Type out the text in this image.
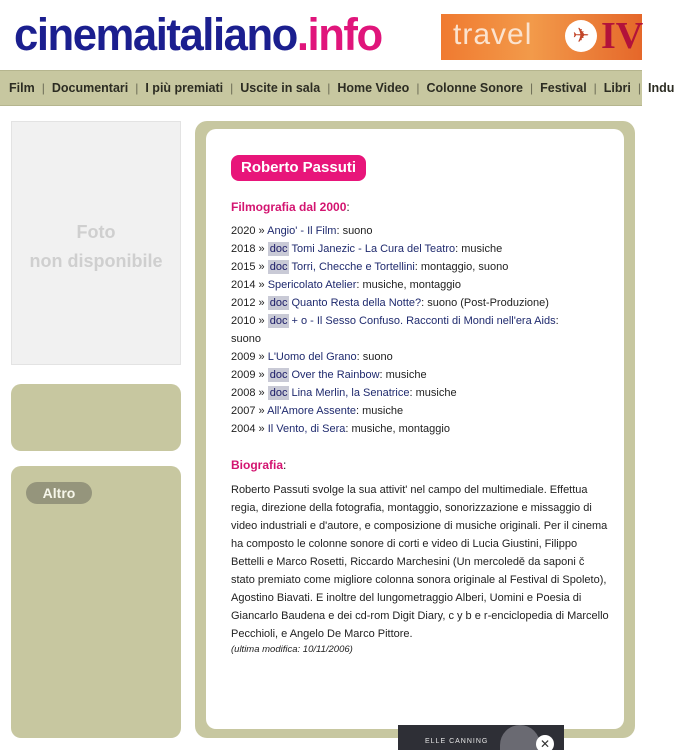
cinemaitaliano.info travel	✈ IV
Film | Documentari | I più premiati | Uscite in sala | Home Video | Colonne Sonore | Festival | Libri | Indu
Foto
non disponibile
Altro
Roberto Passuti
Filmografia dal 2000:
2020 » Angio' - Il Film: suono
2018 » doc Tomi Janezic - La Cura del Teatro: musiche
2015 » doc Torri, Checche e Tortellini: montaggio, suono
2014 » Spericolato Atelier: musiche, montaggio
2012 » doc Quanto Resta della Notte?: suono (Post-Produzione)
2010 » doc + o - Il Sesso Confuso. Racconti di Mondi nell'era Aids:
suono
2009 » L'Uomo del Grano: suono
2009 » doc Over the Rainbow: musiche
2008 » doc Lina Merlin, la Senatrice: musiche
2007 » All'Amore Assente: musiche
2004 » Il Vento, di Sera: musiche, montaggio
Biografia:
Roberto Passuti svolge la sua attivit' nel campo del multimediale. Effettua regia, direzione della fotografia, montaggio, sonorizzazione e missaggio di video industriali e d'autore, e composizione di musiche originali. Per il cinema ha composto le colonne sonore di corti e video di Lucia Giustini, Filippo Bettelli e Marco Rosetti, Riccardo Marchesini (Un mercoledě da saponi č stato premiato come migliore colonna sonora originale al Festival di Spoleto), Agostino Biavati. E inoltre del lungometraggio Alberi, Uomini e Poesia di Giancarlo Baudena e dei cd-rom Digit Diary, c y b e r-enciclopedia di Marcello Pecchioli, e Angelo De Marco Pittore.
(ultima modifica: 10/11/2006)
ELLE CANNING	✕
